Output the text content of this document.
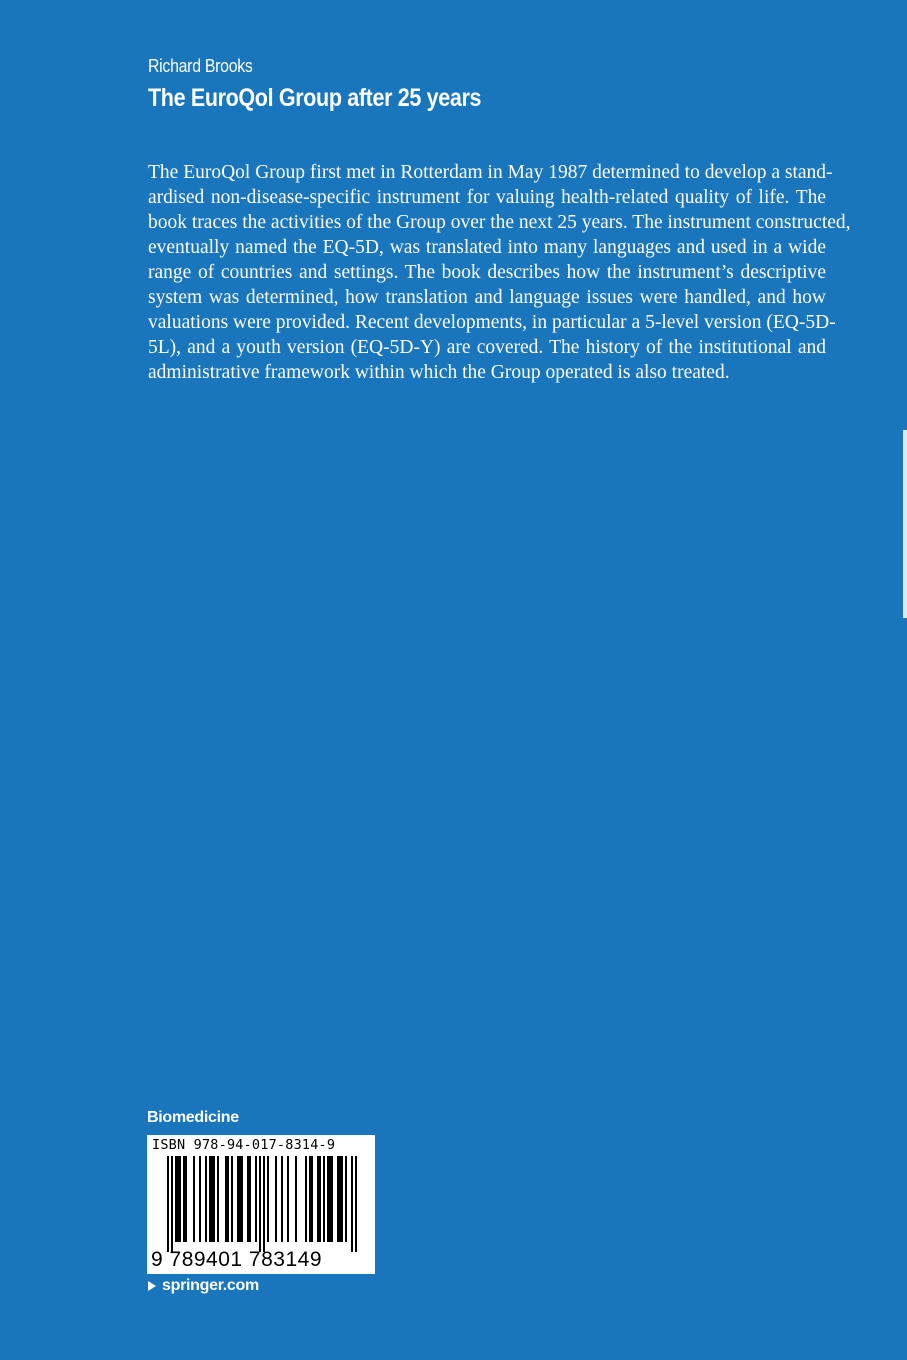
Richard Brooks
The EuroQol Group after 25 years
The EuroQol Group first met in Rotterdam in May 1987 determined to develop a stand-
ardised non-disease-specific instrument for valuing health-related quality of life. The
book traces the activities of the Group over the next 25 years. The instrument constructed,
eventually named the EQ-5D, was translated into many languages and used in a wide
range of countries and settings. The book describes how the instrument’s descriptive
system was determined, how translation and language issues were handled, and how
valuations were provided. Recent developments, in particular a 5-level version (EQ-5D-
5L), and a youth version (EQ-5D-Y) are covered. The history of the institutional and
administrative framework within which the Group operated is also treated.
Biomedicine
ISBN 978-94-017-8314-9
9 789401 783149
springer.com
